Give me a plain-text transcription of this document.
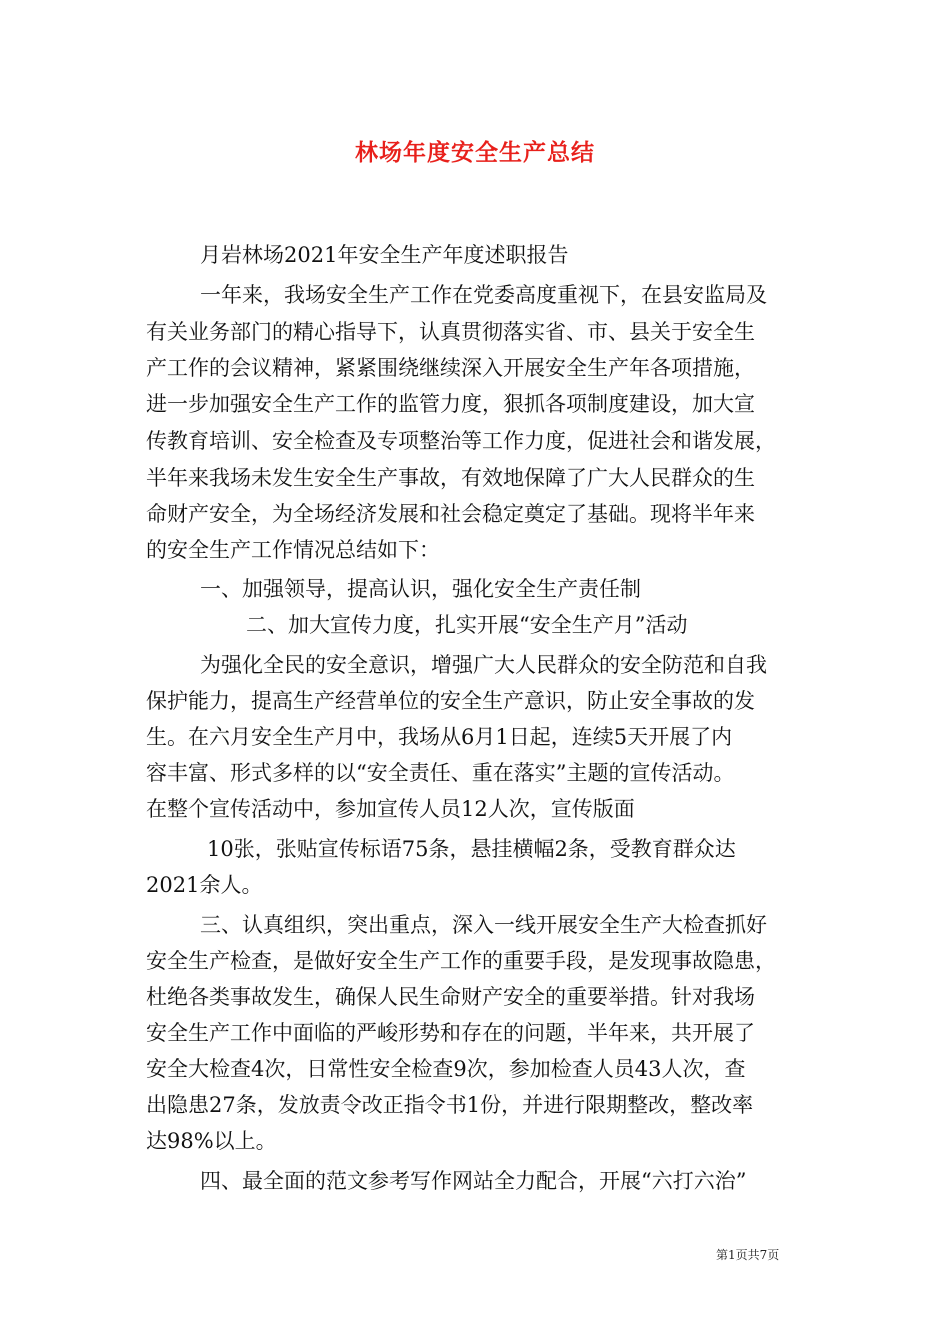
林场年度安全生产总结
月岩林场2021年安全生产年度述职报告
一年来，我场安全生产工作在党委高度重视下，在县安监局及
有关业务部门的精心指导下，认真贯彻落实省、市、县关于安全生
产工作的会议精神，紧紧围绕继续深入开展安全生产年各项措施，
进一步加强安全生产工作的监管力度，狠抓各项制度建设，加大宣
传教育培训、安全检查及专项整治等工作力度，促进社会和谐发展，
半年来我场未发生安全生产事故，有效地保障了广大人民群众的生
命财产安全，为全场经济发展和社会稳定奠定了基础。现将半年来
的安全生产工作情况总结如下：
一、加强领导，提高认识，强化安全生产责任制
二、加大宣传力度，扎实开展“安全生产月”活动
为强化全民的安全意识，增强广大人民群众的安全防范和自我
保护能力，提高生产经营单位的安全生产意识，防止安全事故的发
生。在六月安全生产月中，我场从6月1日起，连续5天开展了内
容丰富、形式多样的以“安全责任、重在落实”主题的宣传活动。
在整个宣传活动中，参加宣传人员12人次，宣传版面
10张，张贴宣传标语75条，悬挂横幅2条，受教育群众达
2021余人。
三、认真组织，突出重点，深入一线开展安全生产大检查抓好
安全生产检查，是做好安全生产工作的重要手段，是发现事故隐患，
杜绝各类事故发生，确保人民生命财产安全的重要举措。针对我场
安全生产工作中面临的严峻形势和存在的问题，半年来，共开展了
安全大检查4次，日常性安全检查9次，参加检查人员43人次，查
出隐患27条，发放责令改正指令书1份，并进行限期整改，整改率
达98%以上。
四、最全面的范文参考写作网站全力配合，开展“六打六治”
第1页共7页
